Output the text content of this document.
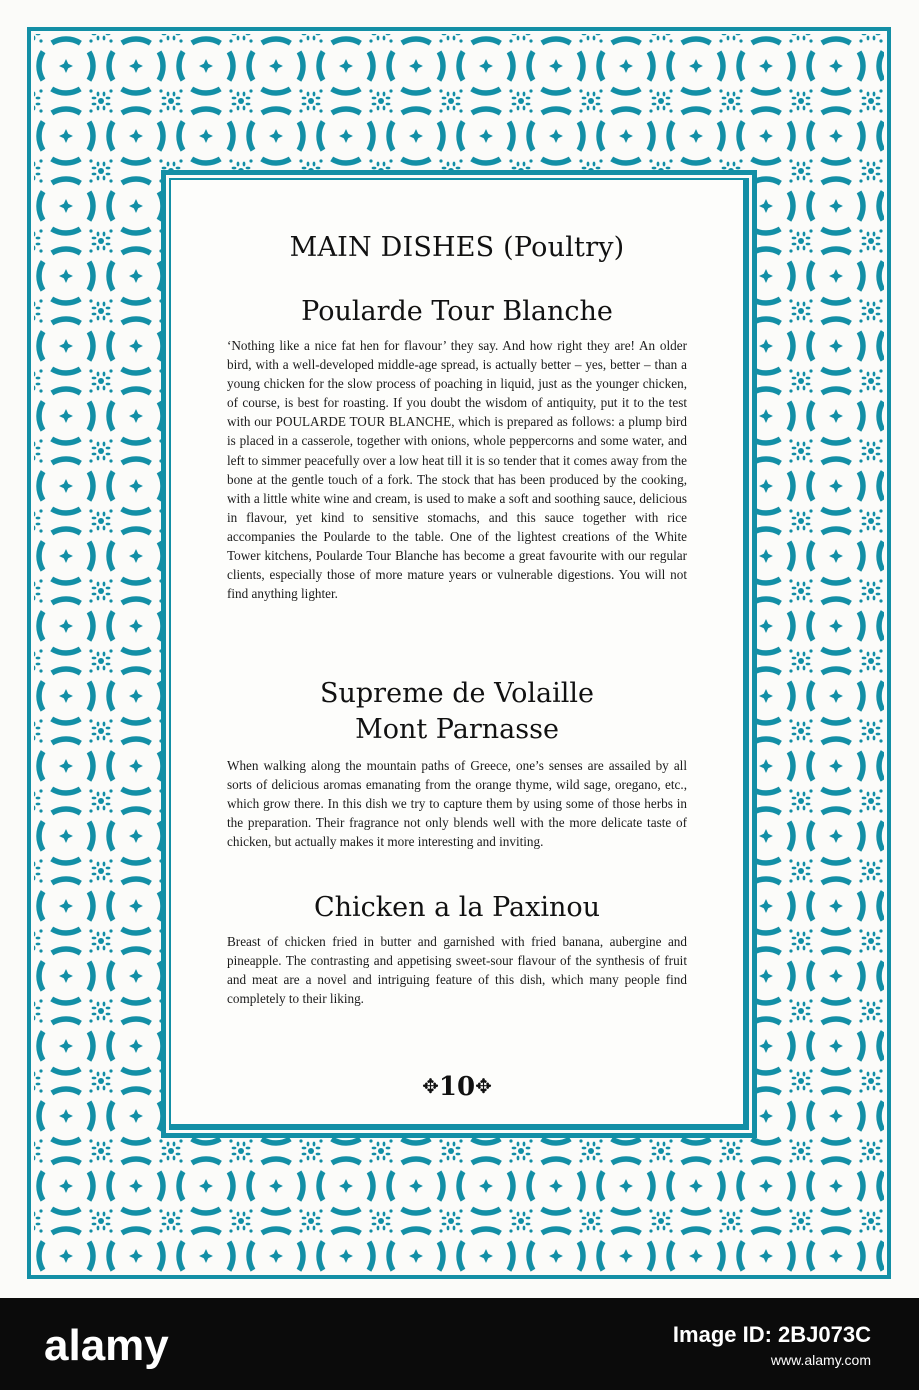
MAIN DISHES (Poultry)
Poularde Tour Blanche
‘Nothing like a nice fat hen for flavour’ they say. And how right they are! An older bird, with a well-developed middle-age spread, is actually better – yes, better – than a young chicken for the slow process of poaching in liquid, just as the younger chicken, of course, is best for roasting. If you doubt the wisdom of antiquity, put it to the test with our POULARDE TOUR BLANCHE, which is prepared as follows: a plump bird is placed in a casserole, together with onions, whole peppercorns and some water, and left to simmer peacefully over a low heat till it is so tender that it comes away from the bone at the gentle touch of a fork. The stock that has been produced by the cooking, with a little white wine and cream, is used to make a soft and soothing sauce, delicious in flavour, yet kind to sensitive stomachs, and this sauce together with rice accompanies the Poularde to the table. One of the lightest creations of the White Tower kitchens, Poularde Tour Blanche has become a great favourite with our regular clients, especially those of more mature years or vulnerable digestions. You will not find anything lighter.
Supreme de Volaille
Mont Parnasse
When walking along the mountain paths of Greece, one’s senses are assailed by all sorts of delicious aromas emanating from the orange thyme, wild sage, oregano, etc., which grow there. In this dish we try to capture them by using some of those herbs in the preparation. Their fragrance not only blends well with the more delicate taste of chicken, but actually makes it more interesting and inviting.
Chicken a la Paxinou
Breast of chicken fried in butter and garnished with fried banana, aubergine and pineapple. The contrasting and appetising sweet-sour flavour of the synthesis of fruit and meat are a novel and intriguing feature of this dish, which many people find completely to their liking.
✥10✥
alamy	Image ID: 2BJ073C
www.alamy.com
